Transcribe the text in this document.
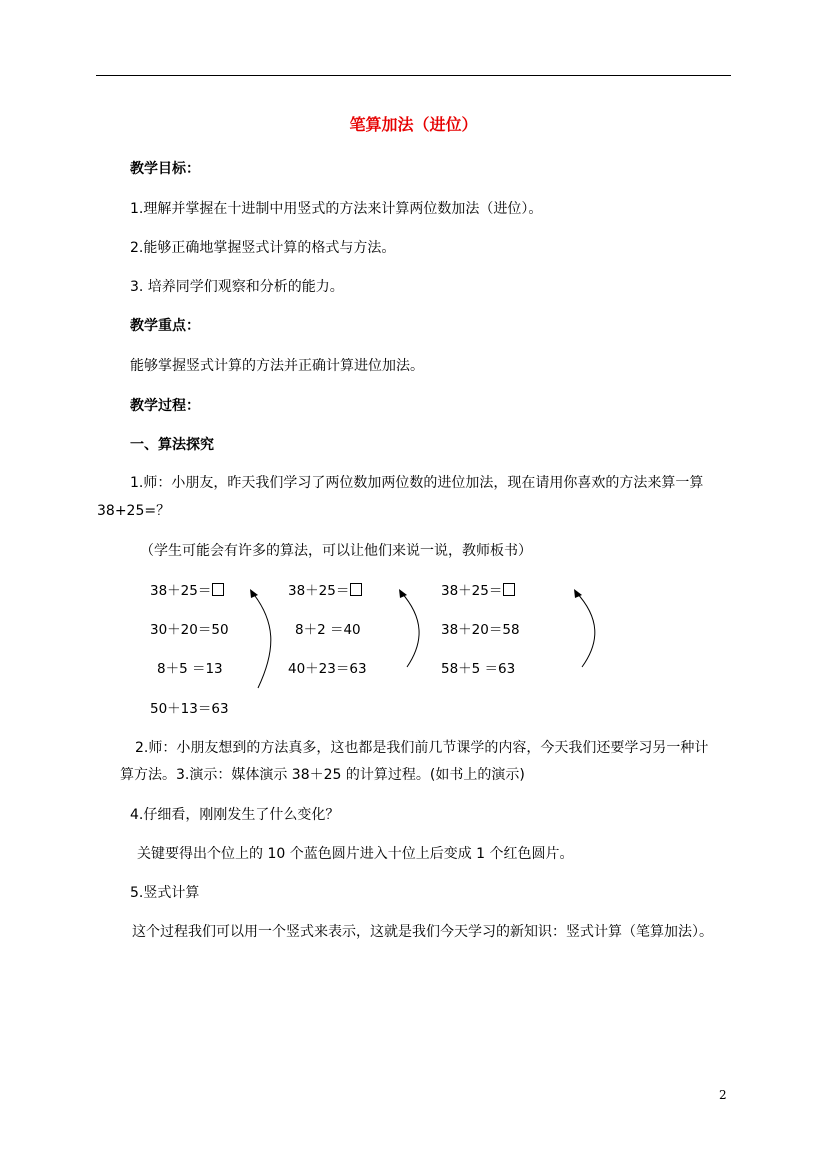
笔算加法（进位）
教学目标：
1.理解并掌握在十进制中用竖式的方法来计算两位数加法（进位）。
2.能够正确地掌握竖式计算的格式与方法。
3. 培养同学们观察和分析的能力。
教学重点：
能够掌握竖式计算的方法并正确计算进位加法。
教学过程：
一、算法探究
1.师：小朋友，昨天我们学习了两位数加两位数的进位加法，现在请用你喜欢的方法来算一算
38+25=？
（学生可能会有许多的算法，可以让他们来说一说，教师板书）
38＋25＝
30＋20＝50
8＋5 ＝13
50＋13＝63
38＋25＝
8＋2 ＝40
40＋23＝63
38＋25＝
38＋20＝58
58＋5 ＝63
2.师：小朋友想到的方法真多，这也都是我们前几节课学的内容，今天我们还要学习另一种计
算方法。3.演示：媒体演示 38＋25 的计算过程。(如书上的演示)
4.仔细看，刚刚发生了什么变化？
关键要得出个位上的 10 个蓝色圆片进入十位上后变成 1 个红色圆片。
5.竖式计算
这个过程我们可以用一个竖式来表示，这就是我们今天学习的新知识：竖式计算（笔算加法）。
2
